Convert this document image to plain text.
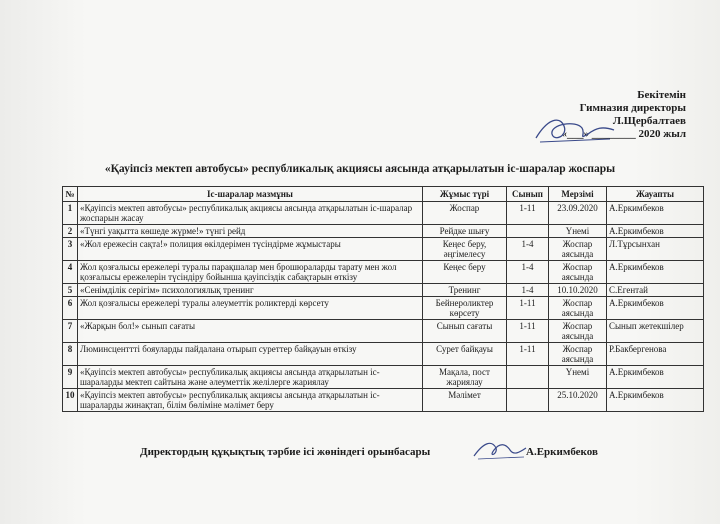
Бекітемін
Гимназия директоры
Л.Щербалтаев
«___» ________ 2020 жыл
«Қауіпсіз мектеп автобусы» республикалық акциясы аясында атқарылатын іс-шаралар жоспары
№	Іс-шаралар мазмұны	Жұмыс түрі	Сынып	Мерзімі	Жауапты
1	«Қауіпсіз мектеп автобусы» республикалық акциясы аясында атқарылатын іс-шаралар жоспарын жасау	Жоспар	1-11	23.09.2020	А.Еркимбеков
2	«Түнгі уақытта көшеде жүрме!» түнгі рейд	Рейдке шығу		Үнемі	А.Еркимбеков
3	«Жол ережесін сақта!» полиция өкілдерімен түсіндірме жұмыстары	Кеңес беру, әңгімелесу	1-4	Жоспар аясында	Л.Тұрсынхан
4	Жол қозғалысы ережелері туралы парақшалар мен брошюраларды тарату мен жол қозғалысы ережелерін түсіндіру бойынша қауіпсіздік сабақтарын өткізу	Кеңес беру	1-4	Жоспар аясында	А.Еркимбеков
5	«Сенімділік серігім» психологиялық тренинг	Тренинг	1-4	10.10.2020	С.Егентай
6	Жол қозғалысы ережелері туралы әлеуметтік роликтерді көрсету	Бейнероликтер көрсету	1-11	Жоспар аясында	А.Еркимбеков
7	«Жарқын бол!» сынып сағаты	Сынып сағаты	1-11	Жоспар аясында	Сынып жетекшілер
8	Люминсценттті бояуларды пайдалана отырып суреттер байқауын өткізу	Сурет байқауы	1-11	Жоспар аясында	Р.Бакбергенова
9	«Қауіпсіз мектеп автобусы» республикалық акциясы аясында атқарылатын іс-шараларды мектеп сайтына және әлеуметтік желілерге жариялау	Мақала, пост жариялау		Үнемі	А.Еркимбеков
10	«Қауіпсіз мектеп автобусы» республикалық акциясы аясында атқарылатын іс-шараларды жинақтап, білім бөліміне мәлімет беру	Мәлімет		25.10.2020	А.Еркимбеков
Директордың құқықтық тәрбие ісі жөніндегі орынбасары	А.Еркимбеков
